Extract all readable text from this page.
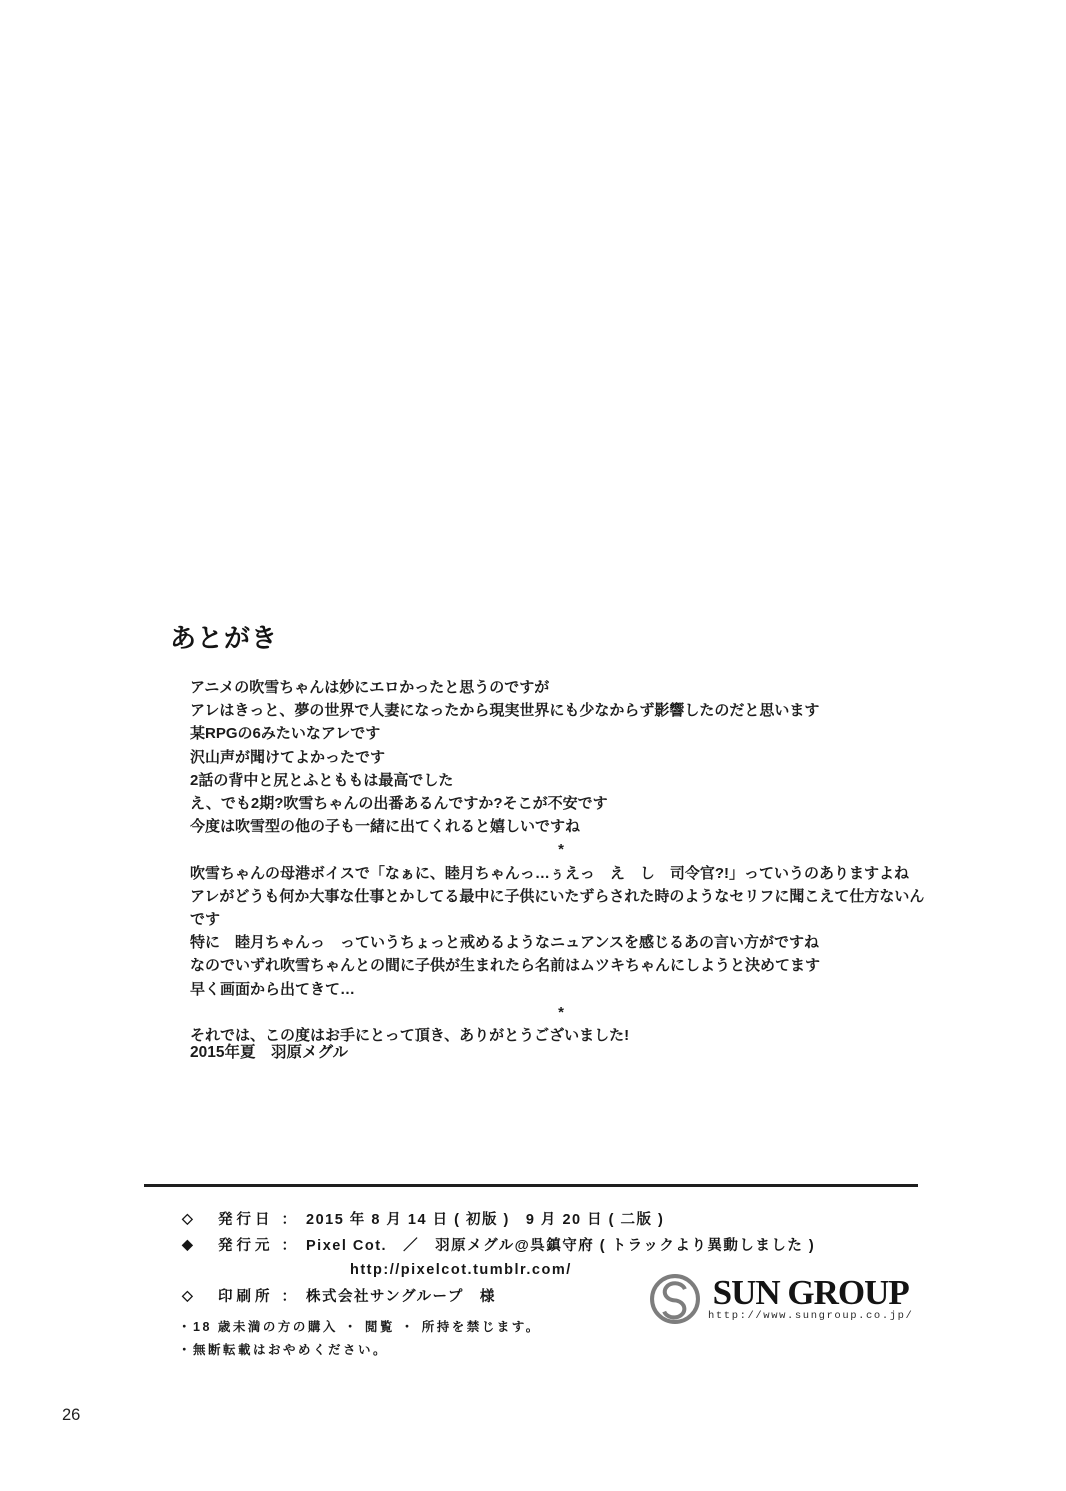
あとがき
アニメの吹雪ちゃんは妙にエロかったと思うのですが
アレはきっと、夢の世界で人妻になったから現実世界にも少なからず影響したのだと思います
某RPGの6みたいなアレです
沢山声が聞けてよかったです
2話の背中と尻とふとももは最高でした
え、でも2期?吹雪ちゃんの出番あるんですか?そこが不安です
今度は吹雪型の他の子も一緒に出てくれると嬉しいですね
*
吹雪ちゃんの母港ボイスで「なぁに、睦月ちゃんっ…ぅえっ　え　し　司令官?!」っていうのありますよね
アレがどうも何か大事な仕事とかしてる最中に子供にいたずらされた時のようなセリフに聞こえて仕方ないんです
特に　睦月ちゃんっ　っていうちょっと戒めるようなニュアンスを感じるあの言い方がですね
なのでいずれ吹雪ちゃんとの間に子供が生まれたら名前はムツキちゃんにしようと決めてます
早く画面から出てきて…
*
それでは、この度はお手にとって頂き、ありがとうございました!
2015年夏　羽原メグル
◇	発行日 ： 2015 年 8 月 14 日 ( 初版 )　9 月 20 日 ( 二版 )
◆	発行元 ： Pixel Cot.　／　羽原メグル@呉鎮守府 ( トラックより異動しました )
http://pixelcot.tumblr.com/
◇	印刷所 ： 株式会社サングループ　様
・18 歳未満の方の購入 ・ 閲覧 ・ 所持を禁じます。
・無断転載はおやめください。
SUN GROUP
http://www.sungroup.co.jp/
26
